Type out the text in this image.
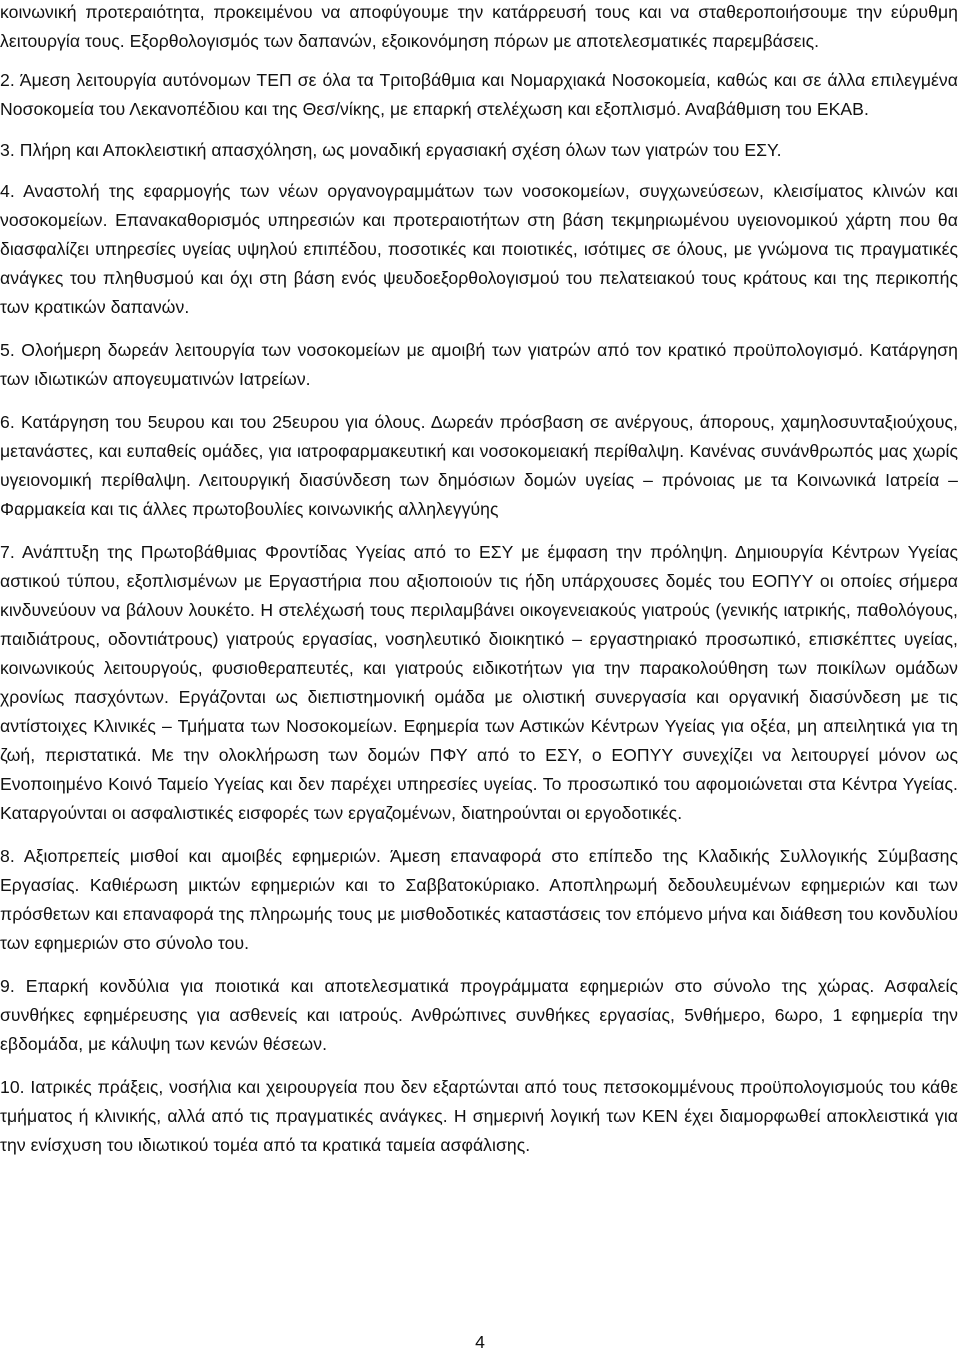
κοινωνική προτεραιότητα, προκειμένου να αποφύγουμε την κατάρρευσή τους και να σταθεροποιήσουμε την εύρυθμη λειτουργία τους. Εξορθολογισμός των δαπανών, εξοικονόμηση πόρων με αποτελεσματικές παρεμβάσεις.

2. Άμεση λειτουργία αυτόνομων ΤΕΠ σε όλα τα Τριτοβάθμια και Νομαρχιακά Νοσοκομεία, καθώς και σε άλλα επιλεγμένα Νοσοκομεία του Λεκανοπέδιου και της Θεσ/νίκης, με επαρκή στελέχωση και εξοπλισμό. Αναβάθμιση του ΕΚΑΒ.

3. Πλήρη και Αποκλειστική απασχόληση, ως μοναδική εργασιακή σχέση όλων των γιατρών του ΕΣΥ.

4. Αναστολή της εφαρμογής των νέων οργανογραμμάτων των νοσοκομείων, συγχωνεύσεων, κλεισίματος κλινών και νοσοκομείων. Επανακαθορισμός υπηρεσιών και προτεραιοτήτων στη βάση τεκμηριωμένου υγειονομικού χάρτη που θα διασφαλίζει υπηρεσίες υγείας υψηλού επιπέδου, ποσοτικές και ποιοτικές, ισότιμες σε όλους, με γνώμονα τις πραγματικές ανάγκες του πληθυσμού και όχι στη βάση ενός ψευδοεξορθολογισμού του πελατειακού τους κράτους και της περικοπής των κρατικών δαπανών.

5. Ολοήμερη δωρεάν λειτουργία των νοσοκομείων με αμοιβή των γιατρών από τον κρατικό προϋπολογισμό. Κατάργηση των ιδιωτικών απογευματινών Ιατρείων.

6. Κατάργηση του 5ευρου και του 25ευρου για όλους. Δωρεάν πρόσβαση σε ανέργους, άπορους, χαμηλοσυνταξιούχους, μετανάστες, και ευπαθείς ομάδες, για ιατροφαρμακευτική και νοσοκομειακή περίθαλψη. Κανένας συνάνθρωπός μας χωρίς υγειονομική περίθαλψη. Λειτουργική διασύνδεση των δημόσιων δομών υγείας – πρόνοιας με τα Κοινωνικά Ιατρεία – Φαρμακεία και τις άλλες πρωτοβουλίες κοινωνικής αλληλεγγύης

7. Ανάπτυξη της Πρωτοβάθμιας Φροντίδας Υγείας από το ΕΣΥ με έμφαση την πρόληψη. Δημιουργία Κέντρων Υγείας αστικού τύπου, εξοπλισμένων με Εργαστήρια που αξιοποιούν τις ήδη υπάρχουσες δομές του ΕΟΠΥΥ οι οποίες σήμερα κινδυνεύουν να βάλουν λουκέτο. Η στελέχωσή τους περιλαμβάνει οικογενειακούς γιατρούς (γενικής ιατρικής, παθολόγους, παιδιάτρους, οδοντιάτρους) γιατρούς εργασίας, νοσηλευτικό διοικητικό – εργαστηριακό προσωπικό, επισκέπτες υγείας, κοινωνικούς λειτουργούς, φυσιοθεραπευτές, και γιατρούς ειδικοτήτων για την παρακολούθηση των ποικίλων ομάδων χρονίως πασχόντων. Εργάζονται ως διεπιστημονική ομάδα με ολιστική συνεργασία και οργανική διασύνδεση με τις αντίστοιχες Κλινικές – Τμήματα των Νοσοκομείων. Εφημερία των Αστικών Κέντρων Υγείας για οξέα, μη απειλητικά για τη ζωή, περιστατικά. Με την ολοκλήρωση των δομών ΠΦΥ από το ΕΣΥ, ο ΕΟΠΥΥ συνεχίζει να λειτουργεί μόνον ως Ενοποιημένο Κοινό Ταμείο Υγείας και δεν παρέχει υπηρεσίες υγείας. Το προσωπικό του αφομοιώνεται στα Κέντρα Υγείας. Καταργούνται οι ασφαλιστικές εισφορές των εργαζομένων, διατηρούνται οι εργοδοτικές.

8. Αξιοπρεπείς μισθοί και αμοιβές εφημεριών. Άμεση επαναφορά στο επίπεδο της Κλαδικής Συλλογικής Σύμβασης Εργασίας. Καθιέρωση μικτών εφημεριών και το Σαββατοκύριακο. Αποπληρωμή δεδουλευμένων εφημεριών και των πρόσθετων και επαναφορά της πληρωμής τους με μισθοδοτικές καταστάσεις τον επόμενο μήνα και διάθεση του κονδυλίου των εφημεριών στο σύνολο του.

9. Επαρκή κονδύλια για ποιοτικά και αποτελεσματικά προγράμματα εφημεριών στο σύνολο της χώρας. Ασφαλείς συνθήκες εφημέρευσης για ασθενείς και ιατρούς. Ανθρώπινες συνθήκες εργασίας, 5νθήμερο, 6ωρο, 1 εφημερία την εβδομάδα, με κάλυψη των κενών θέσεων.

10. Ιατρικές πράξεις, νοσήλια και χειρουργεία που δεν εξαρτώνται από τους πετσοκομμένους προϋπολογισμούς του κάθε τμήματος ή κλινικής, αλλά από τις πραγματικές ανάγκες. Η σημερινή λογική των ΚΕΝ έχει διαμορφωθεί αποκλειστικά για την ενίσχυση του ιδιωτικού τομέα από τα κρατικά ταμεία ασφάλισης.

4
